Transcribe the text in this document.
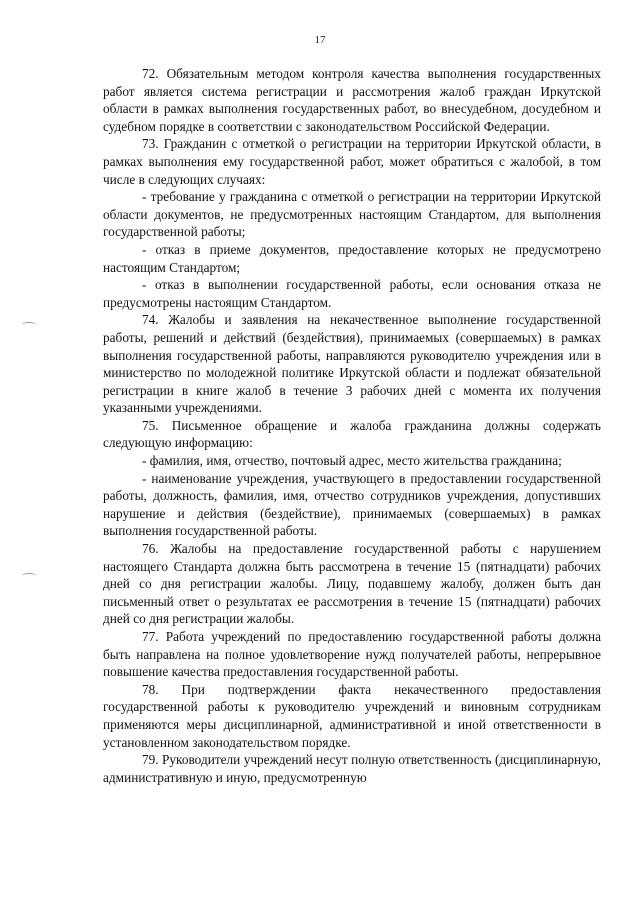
17

72. Обязательным методом контроля качества выполнения государственных работ является система регистрации и рассмотрения жалоб граждан Иркутской области в рамках выполнения государственных работ, во внесудебном, досудебном и судебном порядке в соответствии с законодательством Российской Федерации.

73. Гражданин с отметкой о регистрации на территории Иркутской области, в рамках выполнения ему государственной работ, может обратиться с жалобой, в том числе в следующих случаях:

- требование у гражданина с отметкой о регистрации на территории Иркутской области документов, не предусмотренных настоящим Стандартом, для выполнения государственной работы;

- отказ в приеме документов, предоставление которых не предусмотрено настоящим Стандартом;

- отказ в выполнении государственной работы, если основания отказа не предусмотрены настоящим Стандартом.

74. Жалобы и заявления на некачественное выполнение государственной работы, решений и действий (бездействия), принимаемых (совершаемых) в рамках выполнения государственной работы, направляются руководителю учреждения или в министерство по молодежной политике Иркутской области и подлежат обязательной регистрации в книге жалоб в течение 3 рабочих дней с момента их получения указанными учреждениями.

75. Письменное обращение и жалоба гражданина должны содержать следующую информацию:

- фамилия, имя, отчество, почтовый адрес, место жительства гражданина;

- наименование учреждения, участвующего в предоставлении государственной работы, должность, фамилия, имя, отчество сотрудников учреждения, допустивших нарушение и действия (бездействие), принимаемых (совершаемых) в рамках выполнения государственной работы.

76. Жалобы на предоставление государственной работы с нарушением настоящего Стандарта должна быть рассмотрена в течение 15 (пятнадцати) рабочих дней со дня регистрации жалобы. Лицу, подавшему жалобу, должен быть дан письменный ответ о результатах ее рассмотрения в течение 15 (пятнадцати) рабочих дней со дня регистрации жалобы.

77. Работа учреждений по предоставлению государственной работы должна быть направлена на полное удовлетворение нужд получателей работы, непрерывное повышение качества предоставления государственной работы.

78. При подтверждении факта некачественного предоставления государственной работы к руководителю учреждений и виновным сотрудникам применяются меры дисциплинарной, административной и иной ответственности в установленном законодательством порядке.

79. Руководители учреждений несут полную ответственность (дисциплинарную, административную и иную, предусмотренную
